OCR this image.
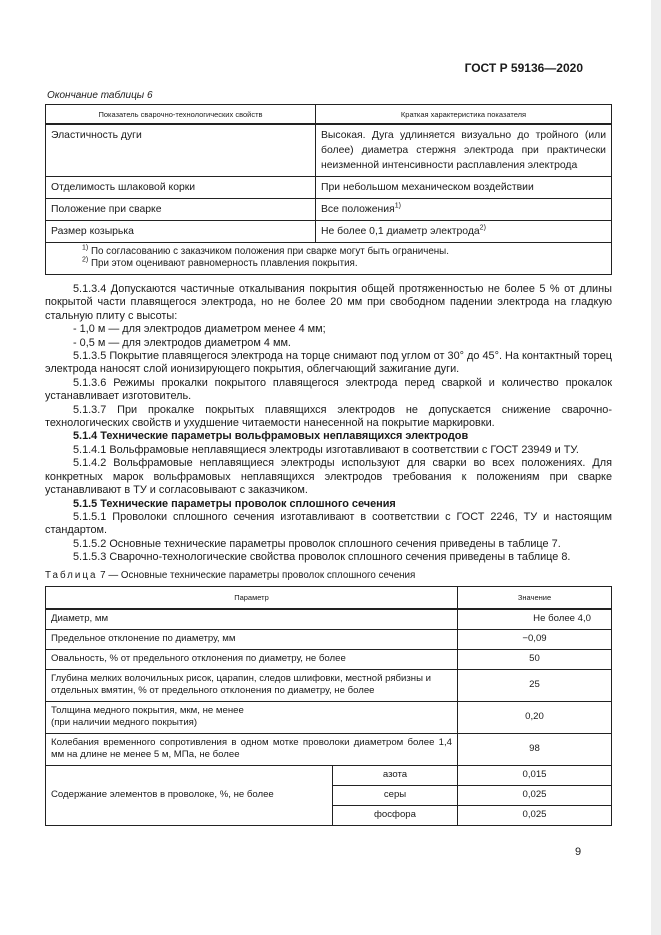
ГОСТ Р 59136—2020
Окончание таблицы 6
Показатель сварочно-технологических свойств	Краткая характеристика показателя
Эластичность дуги	Высокая. Дуга удлиняется визуально до тройного (или более) диаметра стержня электрода при практически неизменной интенсивности расплавления электрода
Отделимость шлаковой корки	При небольшом механическом воздействии
Положение при сварке	Все положения$^{1)}$
Размер козырька	Не более 0,1 диаметр электрода$^{2)}$

$^{1)}$ По согласованию с заказчиком положения при сварке могут быть ограничены.
$^{2)}$ При этом оценивают равномерность плавления покрытия.	

5.1.3.4 Допускаются частичные откалывания покрытия общей протяженностью не более 5 % от длины покрытой части плавящегося электрода, но не более 20 мм при свободном падении электрода на гладкую стальную плиту с высоты:

- 1,0 м — для электродов диаметром менее 4 мм;

- 0,5 м — для электродов диаметром 4 мм.

5.1.3.5 Покрытие плавящегося электрода на торце снимают под углом от 30° до 45°. На контактный торец электрода наносят слой ионизирующего покрытия, облегчающий зажигание дуги.

5.1.3.6 Режимы прокалки покрытого плавящегося электрода перед сваркой и количество прокалок устанавливает изготовитель.

5.1.3.7 При прокалке покрытых плавящихся электродов не допускается снижение сварочно-технологических свойств и ухудшение читаемости нанесенной на покрытие маркировки.

5.1.4 Технические параметры вольфрамовых неплавящихся электродов

5.1.4.1 Вольфрамовые неплавящиеся электроды изготавливают в соответствии с ГОСТ 23949 и ТУ.

5.1.4.2 Вольфрамовые неплавящиеся электроды используют для сварки во всех положениях. Для конкретных марок вольфрамовых неплавящихся электродов требования к положениям при сварке устанавливают в ТУ и согласовывают с заказчиком.

5.1.5 Технические параметры проволок сплошного сечения

5.1.5.1 Проволоки сплошного сечения изготавливают в соответствии с ГОСТ 2246, ТУ и настоящим стандартом.

5.1.5.2 Основные технические параметры проволок сплошного сечения приведены в таблице 7.

5.1.5.3 Сварочно-технологические свойства проволок сплошного сечения приведены в таблице 8.

Таблица 7 — Основные технические параметры проволок сплошного сечения
Параметр		Значение
Диаметр, мм		Не более 4,0
Предельное отклонение по диаметру, мм		−0,09
Овальность, % от предельного отклонения по диаметру, не более		50
Глубина мелких волочильных рисок, царапин, следов шлифовки, местной рябизны и отдельных вмятин, % от предельного отклонения по диаметру, не более		25

Толщина медного покрытия, мкм, не менее
(при наличии медного покрытия)		0,20
Колебания временного сопротивления в одном мотке проволоки диаметром более 1,4 мм на длине не менее 5 м, МПа, не более		98
Содержание элементов в проволоке, %, не более	азота	0,015
	серы	0,025
	фосфора	0,025
9
